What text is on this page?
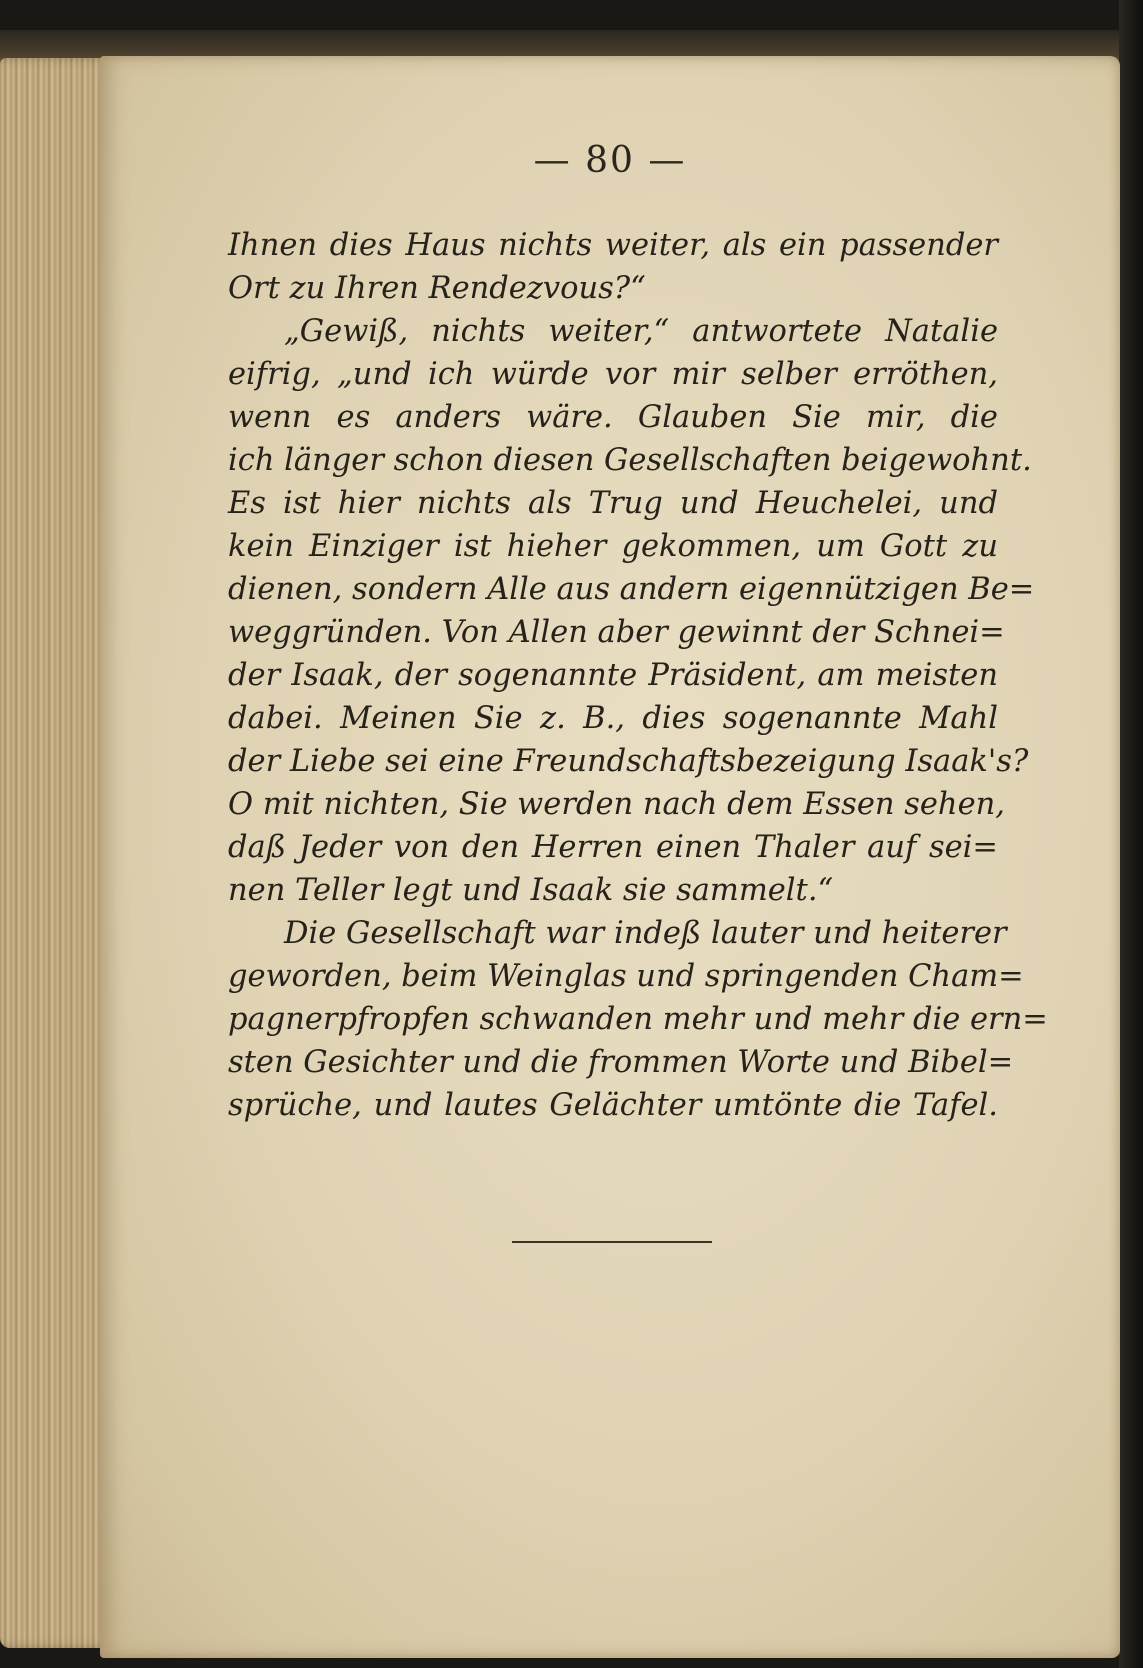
— 80 —
Ihnen dies Haus nichts weiter, als ein passender
Ort zu Ihren Rendezvous?“
„Gewiß, nichts weiter,“ antwortete Natalie
eifrig, „und ich würde vor mir selber erröthen,
wenn es anders wäre. Glauben Sie mir, die
ich länger schon diesen Gesellschaften beigewohnt.
Es ist hier nichts als Trug und Heuchelei, und
kein Einziger ist hieher gekommen, um Gott zu
dienen, sondern Alle aus andern eigennützigen Be=
weggründen. Von Allen aber gewinnt der Schnei=
der Isaak, der sogenannte Präsident, am meisten
dabei. Meinen Sie z. B., dies sogenannte Mahl
der Liebe sei eine Freundschaftsbezeigung Isaak's?
O mit nichten, Sie werden nach dem Essen sehen,
daß Jeder von den Herren einen Thaler auf sei=
nen Teller legt und Isaak sie sammelt.“
Die Gesellschaft war indeß lauter und heiterer
geworden, beim Weinglas und springenden Cham=
pagnerpfropfen schwanden mehr und mehr die ern=
sten Gesichter und die frommen Worte und Bibel=
sprüche, und lautes Gelächter umtönte die Tafel.
